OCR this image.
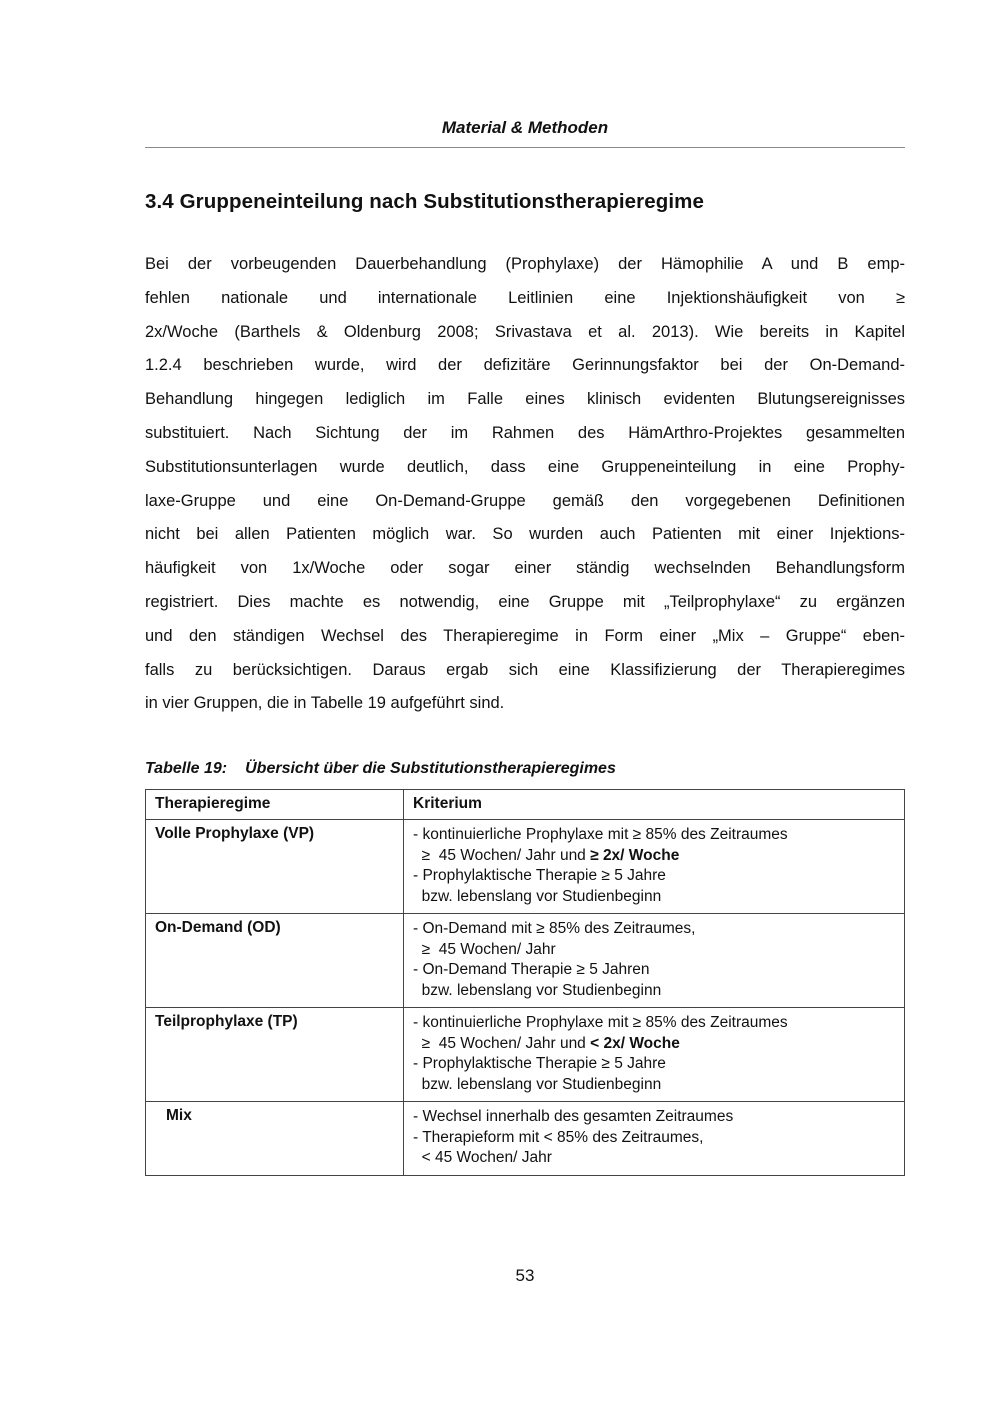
Material & Methoden
3.4 Gruppeneinteilung nach Substitutionstherapieregime
Bei der vorbeugenden Dauerbehandlung (Prophylaxe) der Hämophilie A und B emp-
fehlen nationale und internationale Leitlinien eine Injektionshäufigkeit von ≥
2x/Woche (Barthels & Oldenburg 2008; Srivastava et al. 2013). Wie bereits in Kapitel
1.2.4 beschrieben wurde, wird der defizitäre Gerinnungsfaktor bei der On-Demand-
Behandlung hingegen lediglich im Falle eines klinisch evidenten Blutungsereignisses
substituiert. Nach Sichtung der im Rahmen des HämArthro-Projektes gesammelten
Substitutionsunterlagen wurde deutlich, dass eine Gruppeneinteilung in eine Prophy-
laxe-Gruppe und eine On-Demand-Gruppe gemäß den vorgegebenen Definitionen
nicht bei allen Patienten möglich war. So wurden auch Patienten mit einer Injektions-
häufigkeit von 1x/Woche oder sogar einer ständig wechselnden Behandlungsform
registriert. Dies machte es notwendig, eine Gruppe mit „Teilprophylaxe“ zu ergänzen
und den ständigen Wechsel des Therapieregime in Form einer „Mix – Gruppe“ eben-
falls zu berücksichtigen. Daraus ergab sich eine Klassifizierung der Therapieregimes
in vier Gruppen, die in Tabelle 19 aufgeführt sind.
Tabelle 19: Übersicht über die Substitutionstherapieregimes
Therapieregime	Kriterium
Volle Prophylaxe (VP)	- kontinuierliche Prophylaxe mit ≥ 85% des Zeitraumes
≥  45 Wochen/ Jahr und ≥ 2x/ Woche
- Prophylaktische Therapie ≥ 5 Jahre
bzw. lebenslang vor Studienbeginn

On-Demand (OD)	- On-Demand mit ≥ 85% des Zeitraumes,
≥  45 Wochen/ Jahr
- On-Demand Therapie ≥ 5 Jahren
bzw. lebenslang vor Studienbeginn

Teilprophylaxe (TP)	- kontinuierliche Prophylaxe mit ≥ 85% des Zeitraumes
≥  45 Wochen/ Jahr und < 2x/ Woche
- Prophylaktische Therapie ≥ 5 Jahre
bzw. lebenslang vor Studienbeginn

Mix	- Wechsel innerhalb des gesamten Zeitraumes
- Therapieform mit < 85% des Zeitraumes,
< 45 Wochen/ Jahr
53
